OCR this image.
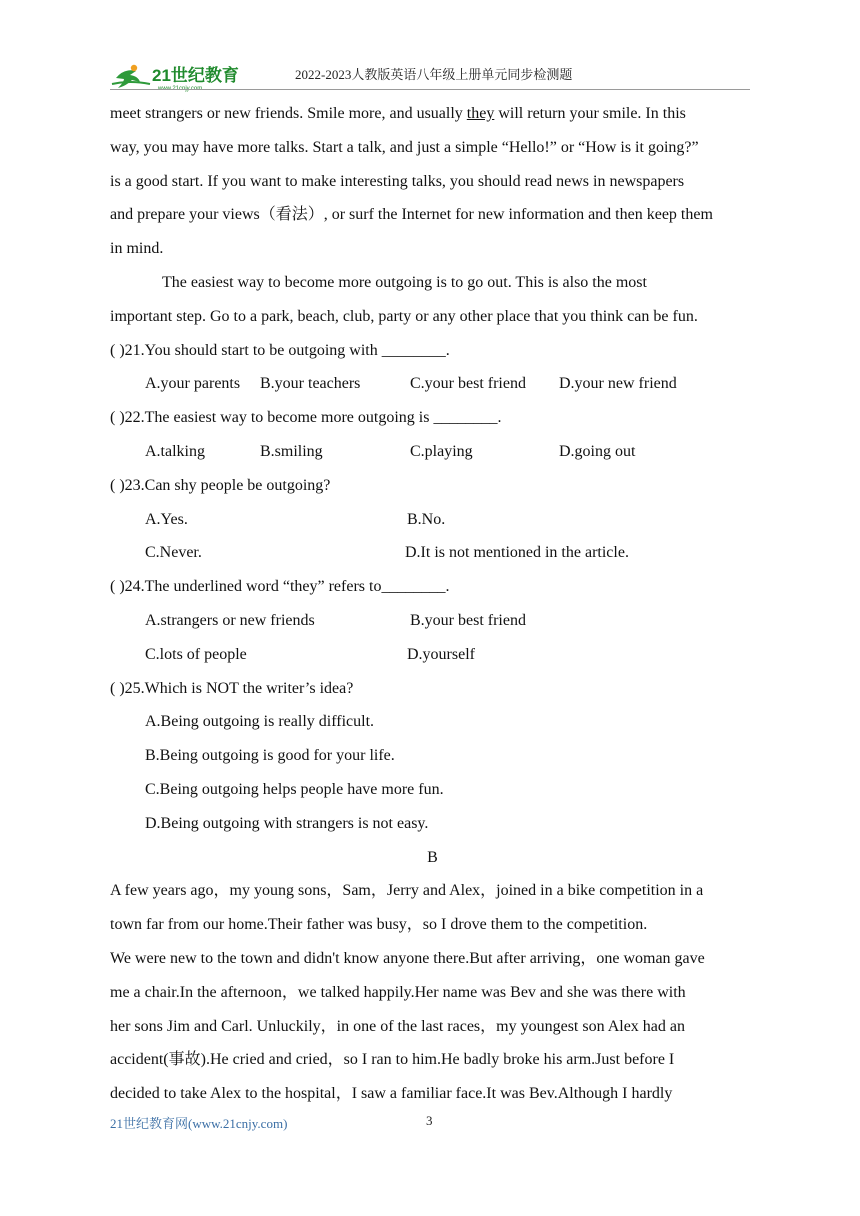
21世纪教育
www.21cnjy.com
2022-2023人教版英语八年级上册单元同步检测题
meet strangers or new friends. Smile more, and usually they will return your smile. In this
way, you may have more talks. Start a talk, and just a simple “Hello!” or “How is it going?”
is a good start. If you want to make interesting talks, you should read news in newspapers
and prepare your views（看法）, or surf the Internet for new information and then keep them
in mind.
The easiest way to become more outgoing is to go out. This is also the most
important step. Go to a park, beach, club, party or any other place that you think can be fun.
( )21.You should start to be outgoing with ________.
A.your parents B.your teachers	C.your best friend D.your new friend
( )22.The easiest way to become more outgoing is ________.
A.talking	B.smiling	C.playing	D.going out
( )23.Can shy people be outgoing?
A.Yes.	B.No.
C.Never.	D.It is not mentioned in the article.
( )24.The underlined word “they” refers to________.
A.strangers or new friends	B.your best friend
C.lots of people	D.yourself
( )25.Which is NOT the writer’s idea?
A.Being outgoing is really difficult.
B.Being outgoing is good for your life.
C.Being outgoing helps people have more fun.
D.Being outgoing with strangers is not easy.
B
A few years ago，my young sons，Sam，Jerry and Alex，joined in a bike competition in a
town far from our home.Their father was busy，so I drove them to the competition.
We were new to the town and didn't know anyone there.But after arriving，one woman gave
me a chair.In the afternoon，we talked happily.Her name was Bev and she was there with
her sons Jim and Carl. Unluckily，in one of the last races，my youngest son Alex had an
accident(事故).He cried and cried，so I ran to him.He badly broke his arm.Just before I
decided to take Alex to the hospital，I saw a familiar face.It was Bev.Although I hardly
21世纪教育网(www.21cnjy.com)	3
